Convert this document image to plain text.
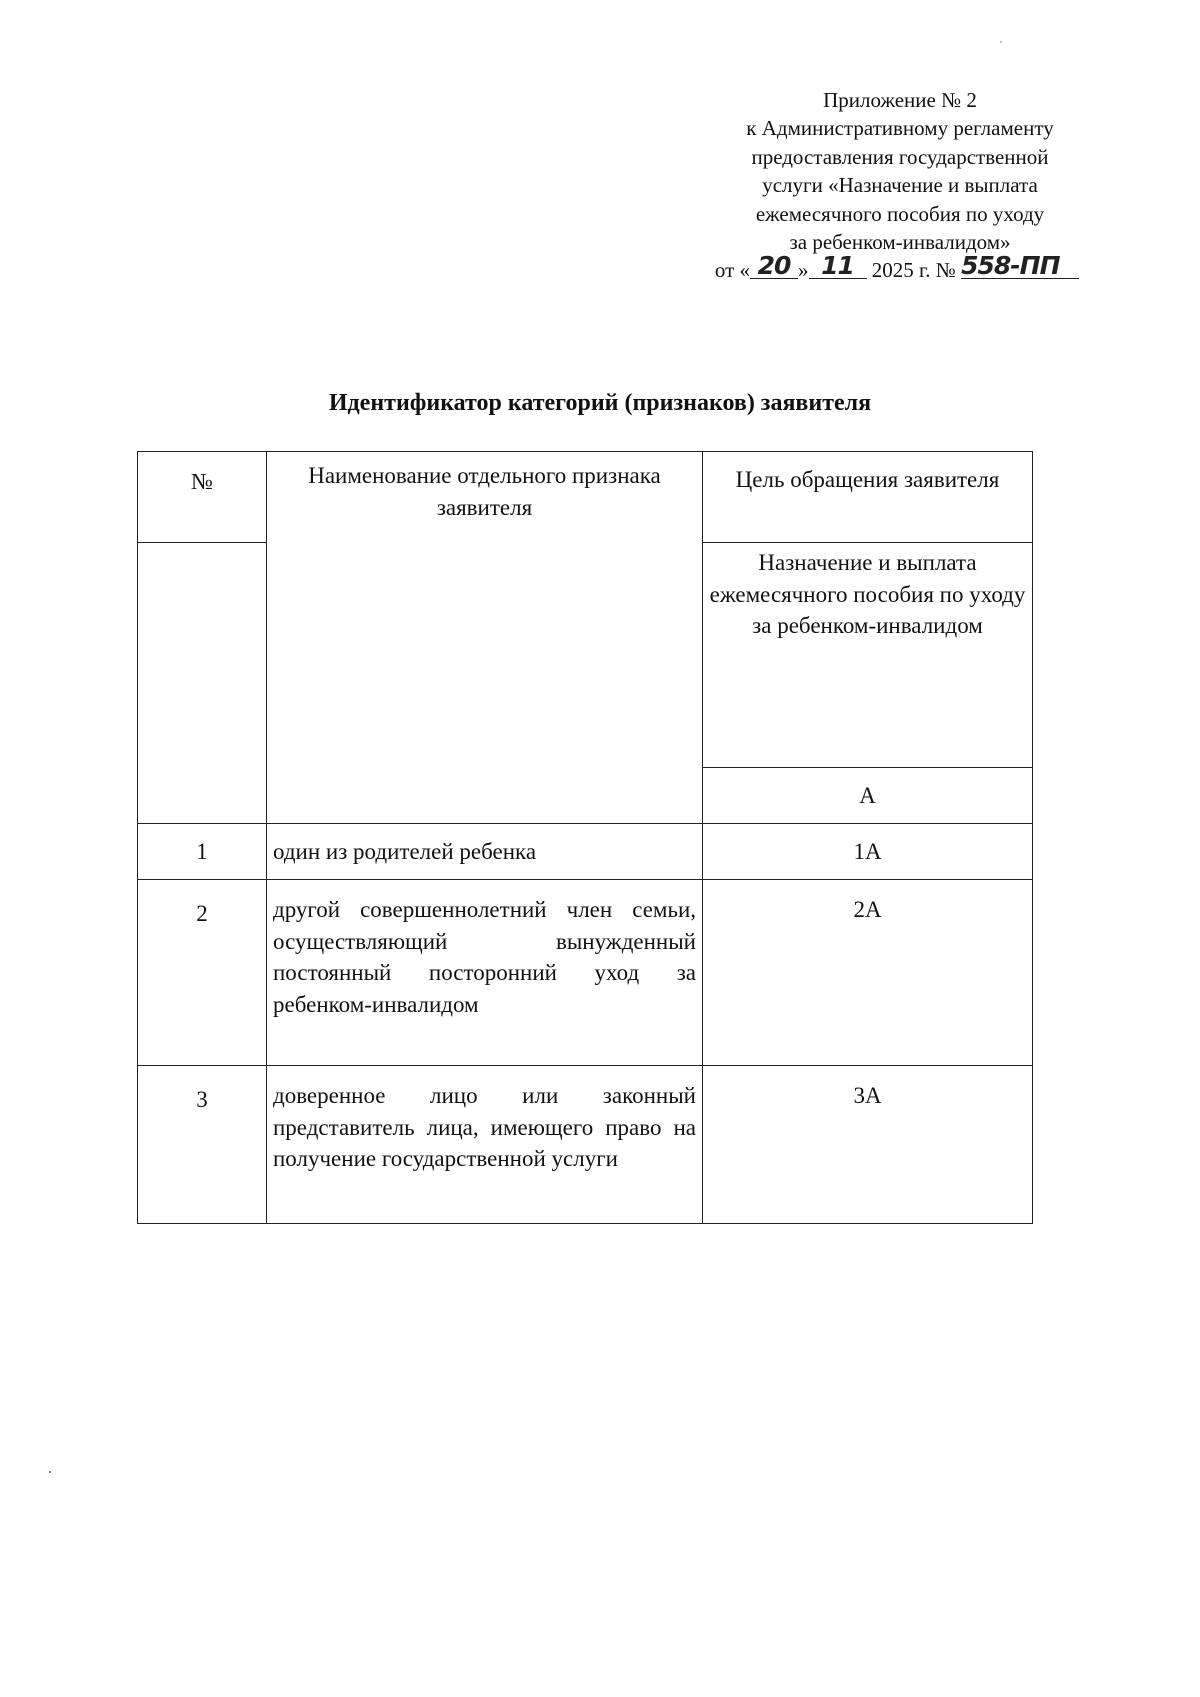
Приложение № 2
к Административному регламенту
предоставления государственной
услуги «Назначение и выплата
ежемесячного пособия по уходу
за ребенком-инвалидом»
от « 20 » 11 2025 г. № 558-ПП
Идентификатор категорий (признаков) заявителя
№	Наименование отдельного признака заявителя	Цель обращения заявителя
		Назначение и выплата ежемесячного пособия по уходу за ребенком-инвалидом
		А
1	один из родителей ребенка	1А
2	другой совершеннолетний член семьи, осуществляющий вынужденный постоянный посторонний уход за ребенком-инвалидом	2А
3	доверенное лицо или законный представитель лица, имеющего право на получение государственной услуги	3А
